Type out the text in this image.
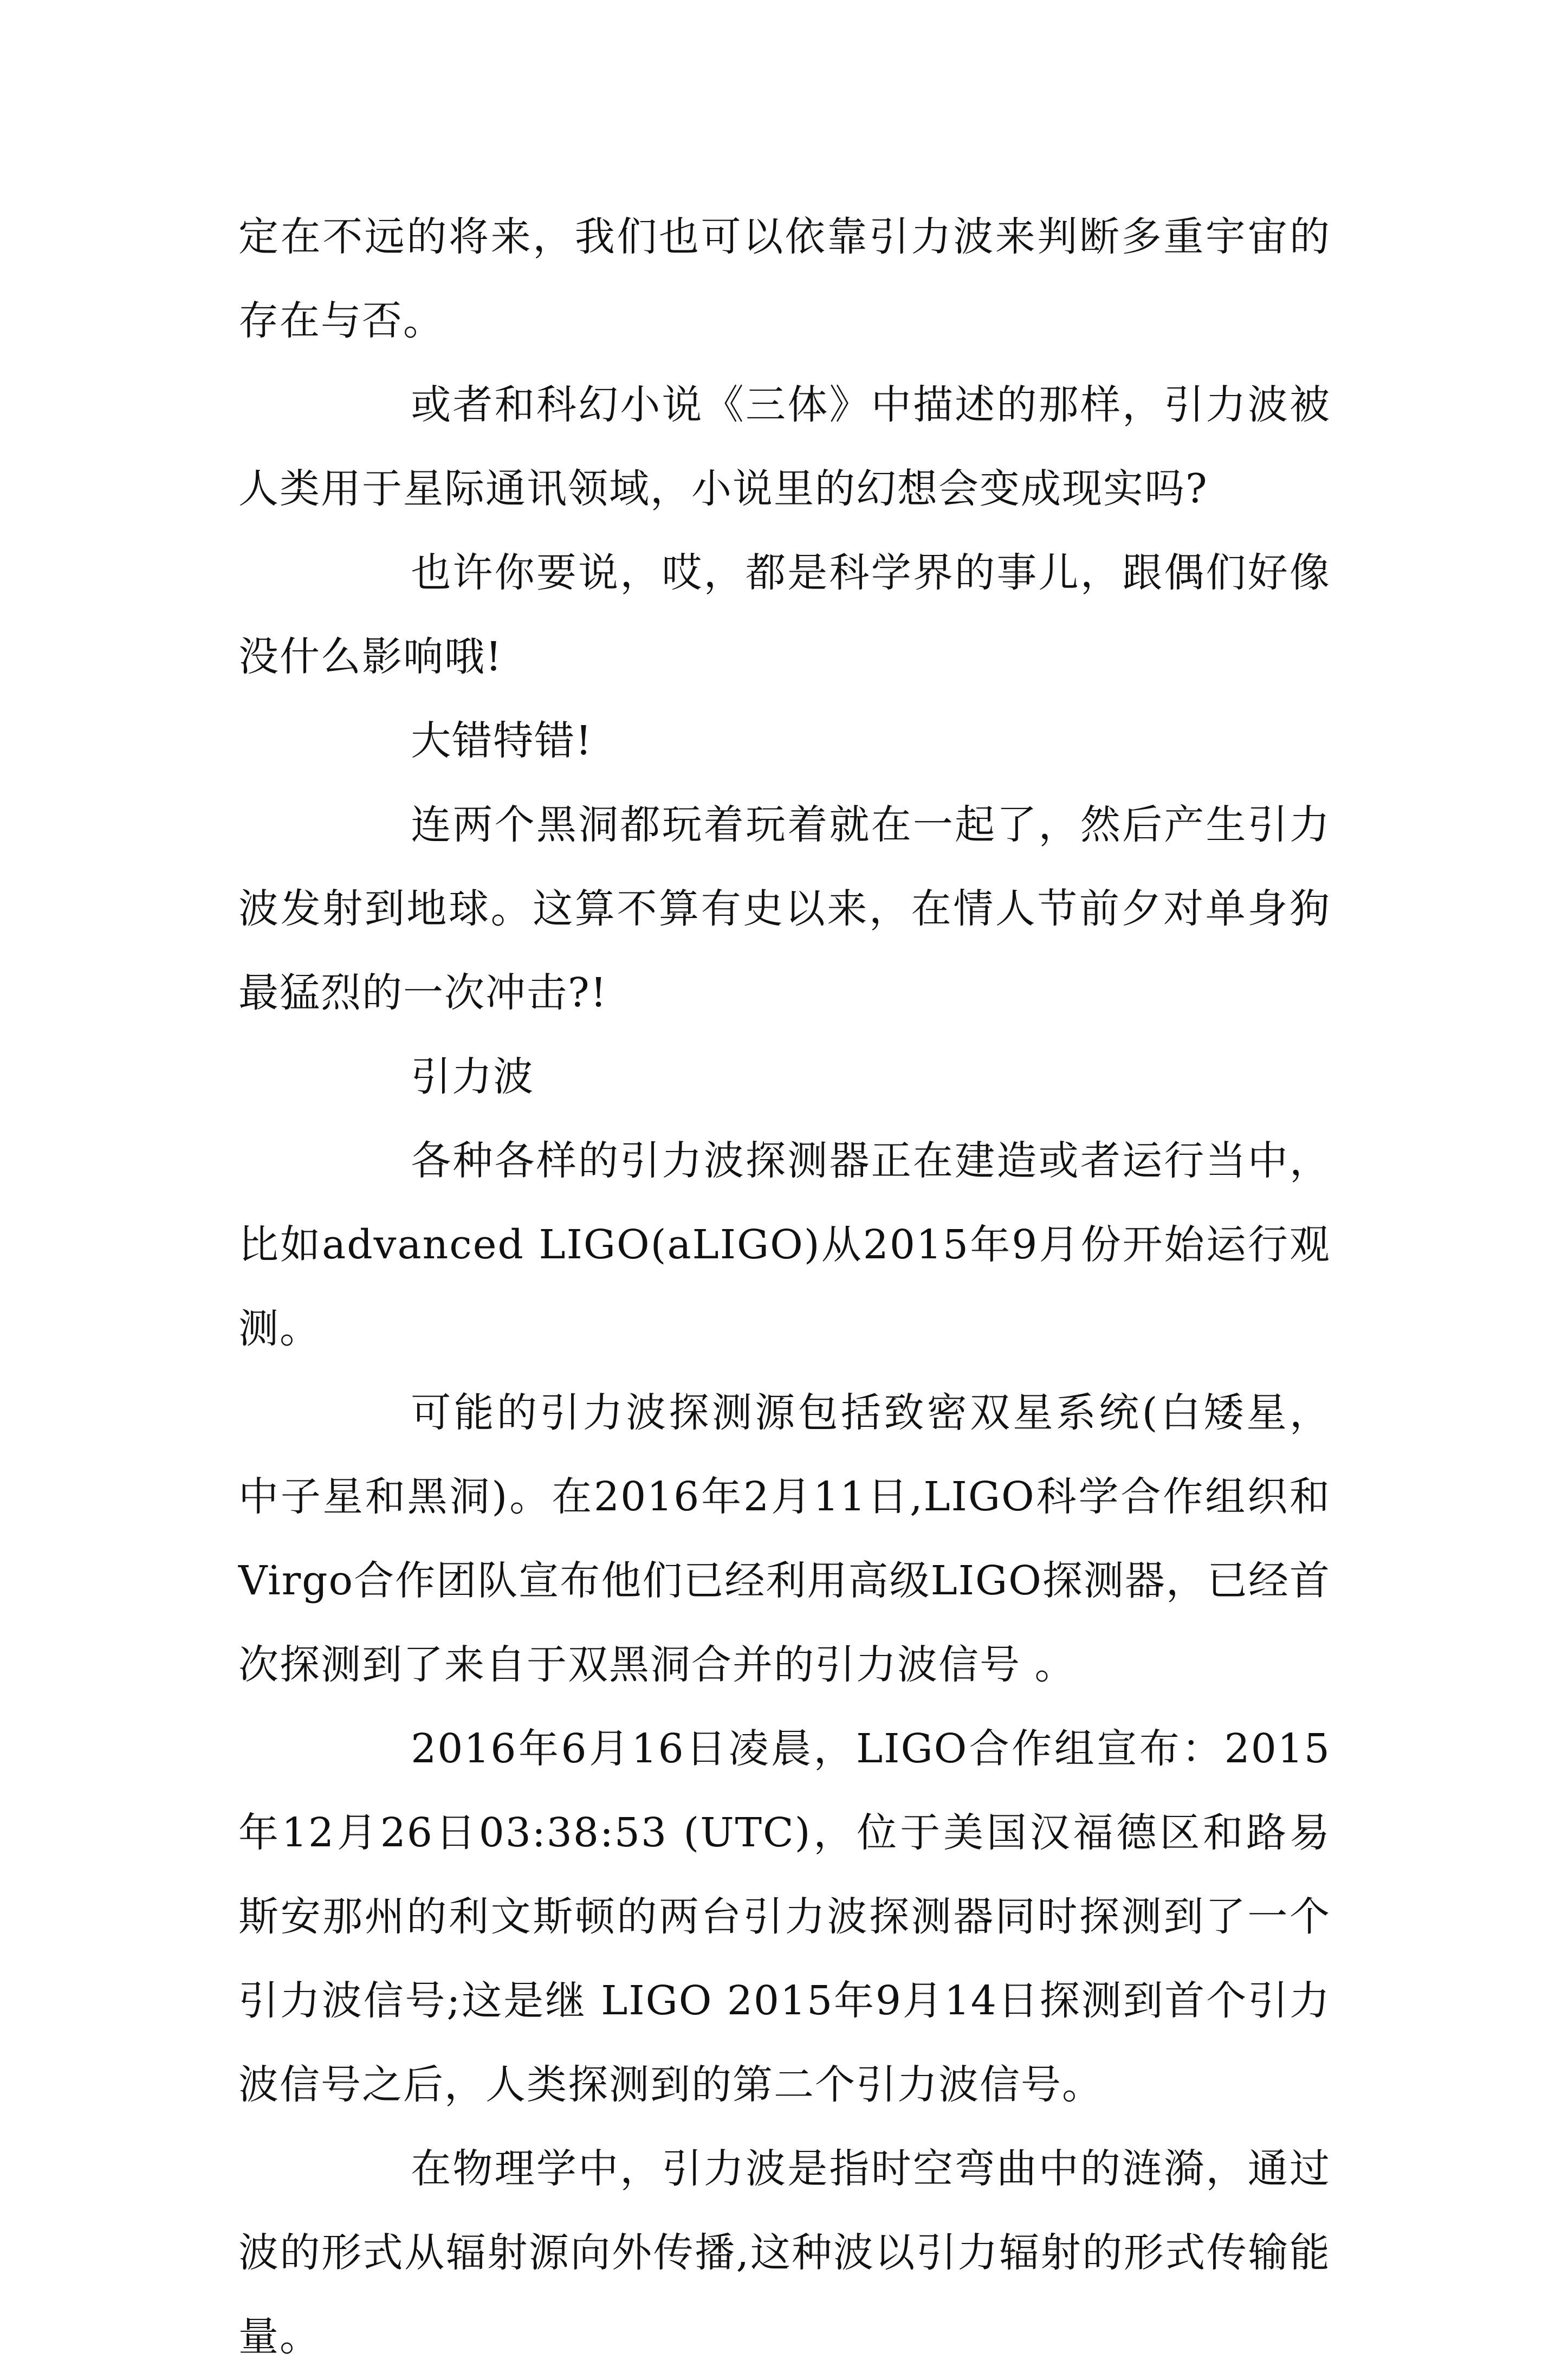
定在不远的将来，我们也可以依靠引力波来判断多重宇宙的存在与否。

或者和科幻小说《三体》中描述的那样，引力波被人类用于星际通讯领域，小说里的幻想会变成现实吗?

也许你要说，哎，都是科学界的事儿，跟偶们好像没什么影响哦!

大错特错!

连两个黑洞都玩着玩着就在一起了，然后产生引力波发射到地球。这算不算有史以来，在情人节前夕对单身狗最猛烈的一次冲击?!

引力波

各种各样的引力波探测器正在建造或者运行当中，比如advanced LIGO(aLIGO)从2015年9月份开始运行观测。

可能的引力波探测源包括致密双星系统(白矮星，中子星和黑洞)。在2016年2月11日,LIGO科学合作组织和Virgo合作团队宣布他们已经利用高级LIGO探测器，已经首次探测到了来自于双黑洞合并的引力波信号 。

2016年6月16日凌晨，LIGO合作组宣布：2015年12月26日03:38:53 (UTC)，位于美国汉福德区和路易斯安那州的利文斯顿的两台引力波探测器同时探测到了一个引力波信号;这是继 LIGO 2015年9月14日探测到首个引力波信号之后，人类探测到的第二个引力波信号。

在物理学中，引力波是指时空弯曲中的涟漪，通过波的形式从辐射源向外传播,这种波以引力辐射的形式传输能量。
